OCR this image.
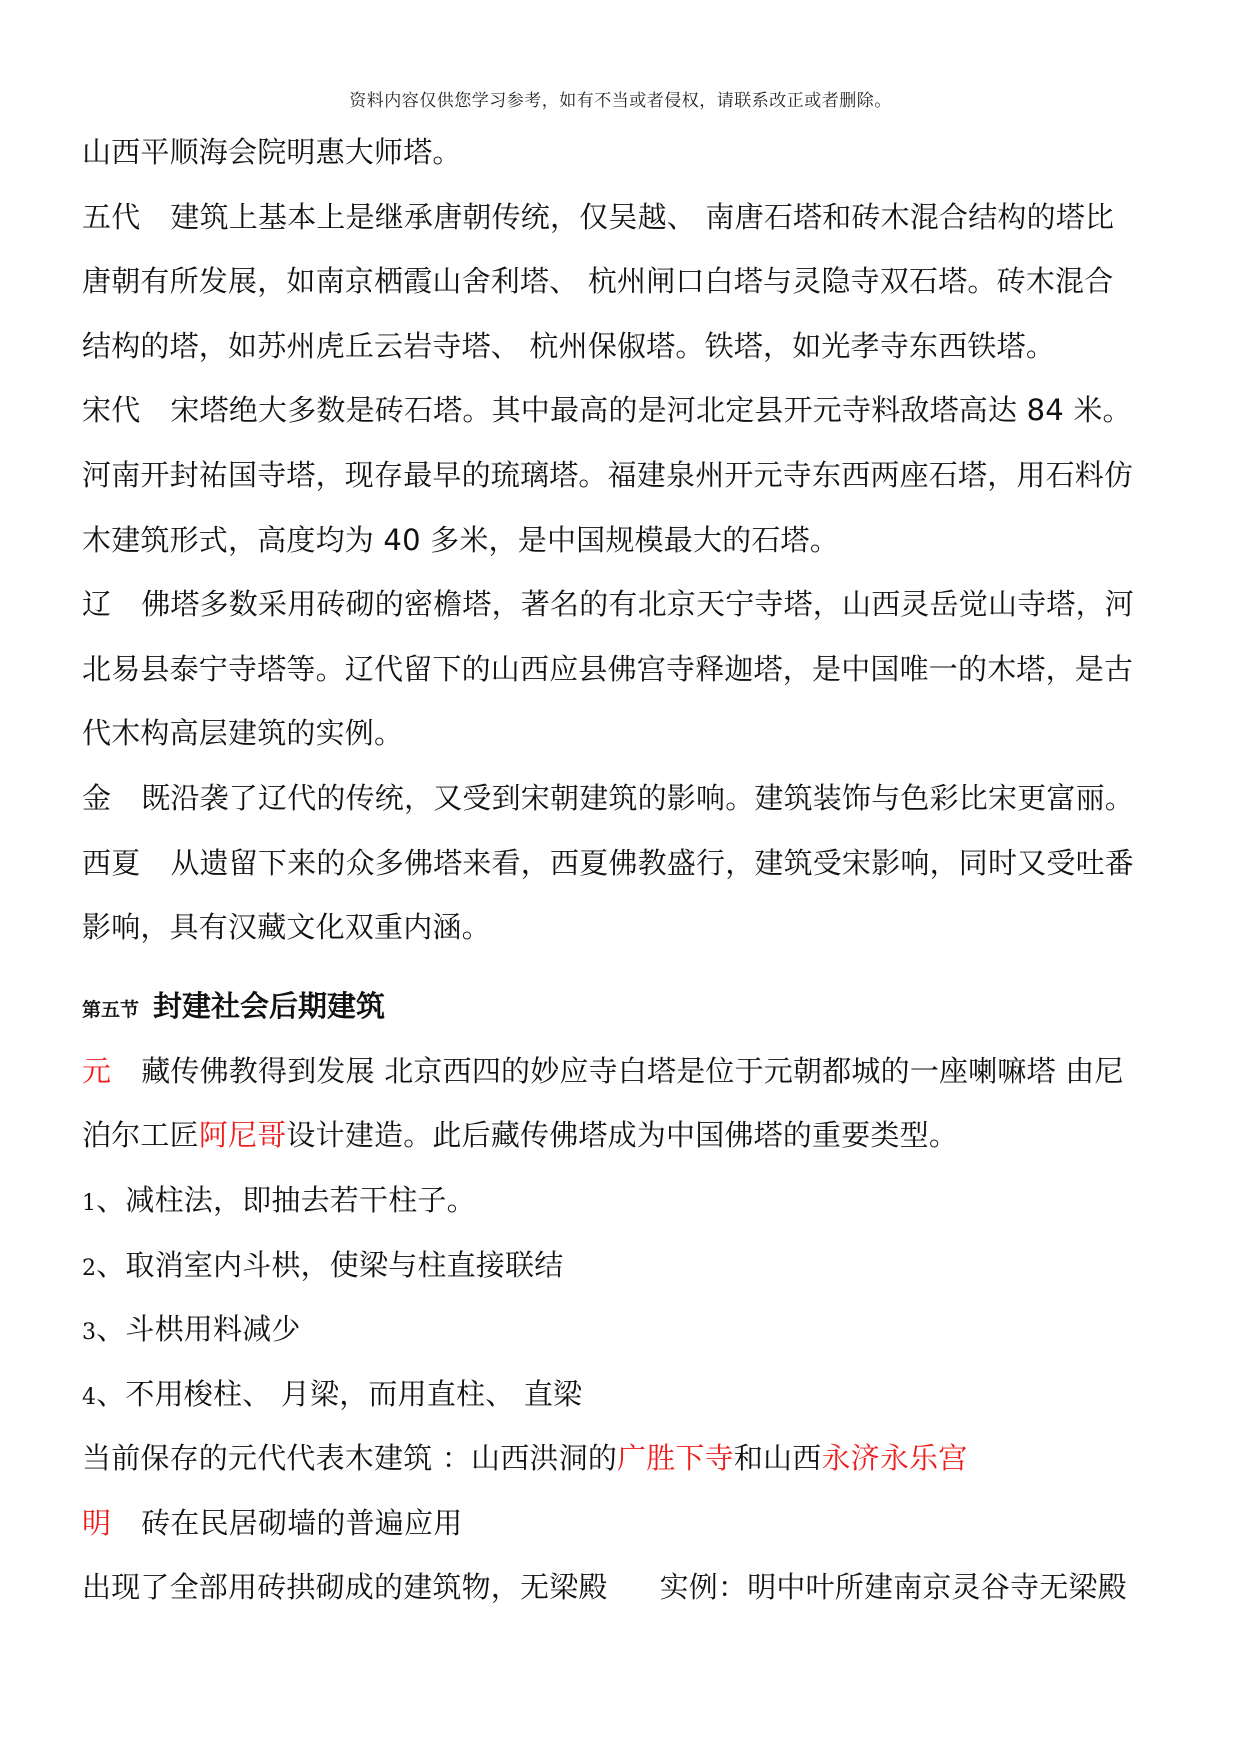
资料内容仅供您学习参考，如有不当或者侵权，请联系改正或者删除。
山西平顺海会院明惠大师塔。
五代 建筑上基本上是继承唐朝传统，仅吴越、 南唐石塔和砖木混合结构的塔比
唐朝有所发展，如南京栖霞山舍利塔、 杭州闸口白塔与灵隐寺双石塔。砖木混合
结构的塔，如苏州虎丘云岩寺塔、 杭州保俶塔。铁塔，如光孝寺东西铁塔。
宋代 宋塔绝大多数是砖石塔。其中最高的是河北定县开元寺料敌塔高达 84 米。
河南开封祐国寺塔，现存最早的琉璃塔。福建泉州开元寺东西两座石塔，用石料仿
木建筑形式，高度均为 40 多米，是中国规模最大的石塔。
辽 佛塔多数采用砖砌的密檐塔，著名的有北京天宁寺塔，山西灵岳觉山寺塔，河
北易县泰宁寺塔等。辽代留下的山西应县佛宫寺释迦塔，是中国唯一的木塔，是古
代木构高层建筑的实例。
金 既沿袭了辽代的传统，又受到宋朝建筑的影响。建筑装饰与色彩比宋更富丽。
西夏 从遗留下来的众多佛塔来看，西夏佛教盛行，建筑受宋影响，同时又受吐番
影响，具有汉藏文化双重内涵。
第五节 封建社会后期建筑
元 藏传佛教得到发展 北京西四的妙应寺白塔是位于元朝都城的一座喇嘛塔 由尼
泊尔工匠阿尼哥设计建造。此后藏传佛塔成为中国佛塔的重要类型。
1、减柱法，即抽去若干柱子。
2、取消室内斗栱，使梁与柱直接联结
3、斗栱用料减少
4、不用梭柱、 月梁，而用直柱、 直梁
当前保存的元代代表木建筑 ：山西洪洞的广胜下寺和山西永济永乐宫
明 砖在民居砌墙的普遍应用
出现了全部用砖拱砌成的建筑物，无梁殿 实例：明中叶所建南京灵谷寺无梁殿
